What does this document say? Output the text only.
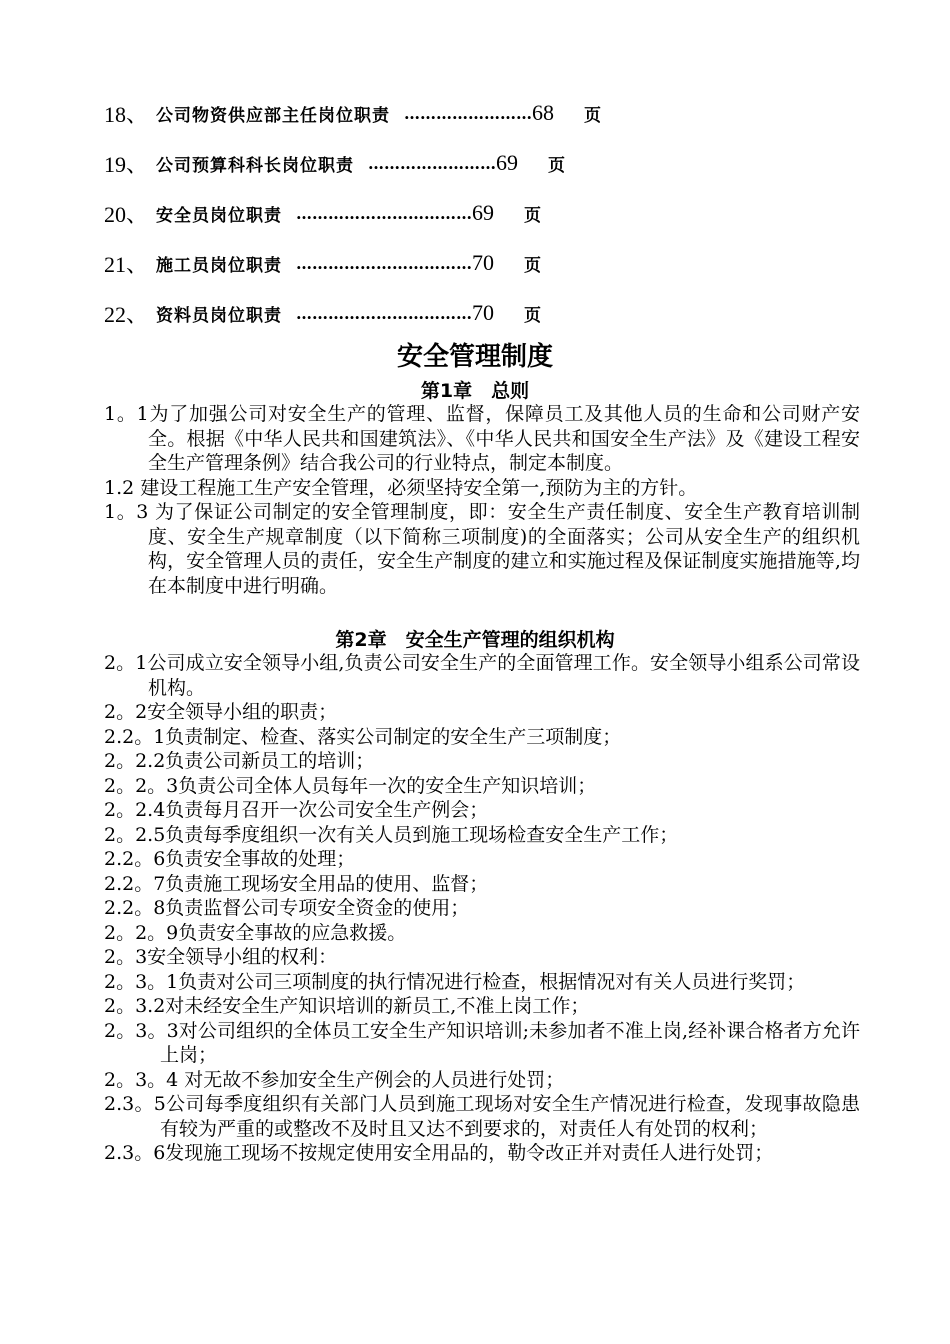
18、 公司物资供应部主任岗位职责 …………………… 68	页
19、 公司预算科科长岗位职责 …………………… 69	页
20、 安全员岗位职责 …………………………… 69	页
21、 施工员岗位职责 …………………………… 70	页
22、 资料员岗位职责 …………………………… 70	页
安全管理制度
第1章　总则
1。1为了加强公司对安全生产的管理、监督，保障员工及其他人员的生命和公司财产安全。根据《中华人民共和国建筑法》、《中华人民共和国安全生产法》及《建设工程安全生产管理条例》结合我公司的行业特点，制定本制度。
1.2 建设工程施工生产安全管理，必须坚持安全第一,预防为主的方针。
1。3 为了保证公司制定的安全管理制度，即：安全生产责任制度、安全生产教育培训制度、安全生产规章制度（以下简称三项制度)的全面落实；公司从安全生产的组织机构，安全管理人员的责任，安全生产制度的建立和实施过程及保证制度实施措施等,均在本制度中进行明确。
第2章　安全生产管理的组织机构
2。1公司成立安全领导小组,负责公司安全生产的全面管理工作。安全领导小组系公司常设机构。
2。2安全领导小组的职责；
2.2。1负责制定、检查、落实公司制定的安全生产三项制度；
2。2.2负责公司新员工的培训；
2。2。3负责公司全体人员每年一次的安全生产知识培训；
2。2.4负责每月召开一次公司安全生产例会；
2。2.5负责每季度组织一次有关人员到施工现场检查安全生产工作；
2.2。6负责安全事故的处理；
2.2。7负责施工现场安全用品的使用、监督；
2.2。8负责监督公司专项安全资金的使用；
2。2。9负责安全事故的应急救援。
2。3安全领导小组的权利：
2。3。1负责对公司三项制度的执行情况进行检查，根据情况对有关人员进行奖罚；
2。3.2对未经安全生产知识培训的新员工,不准上岗工作；
2。3。3对公司组织的全体员工安全生产知识培训;未参加者不准上岗,经补课合格者方允许上岗；
2。3。4 对无故不参加安全生产例会的人员进行处罚；
2.3。5公司每季度组织有关部门人员到施工现场对安全生产情况进行检查，发现事故隐患有较为严重的或整改不及时且又达不到要求的，对责任人有处罚的权利；
2.3。6发现施工现场不按规定使用安全用品的，勒令改正并对责任人进行处罚；
